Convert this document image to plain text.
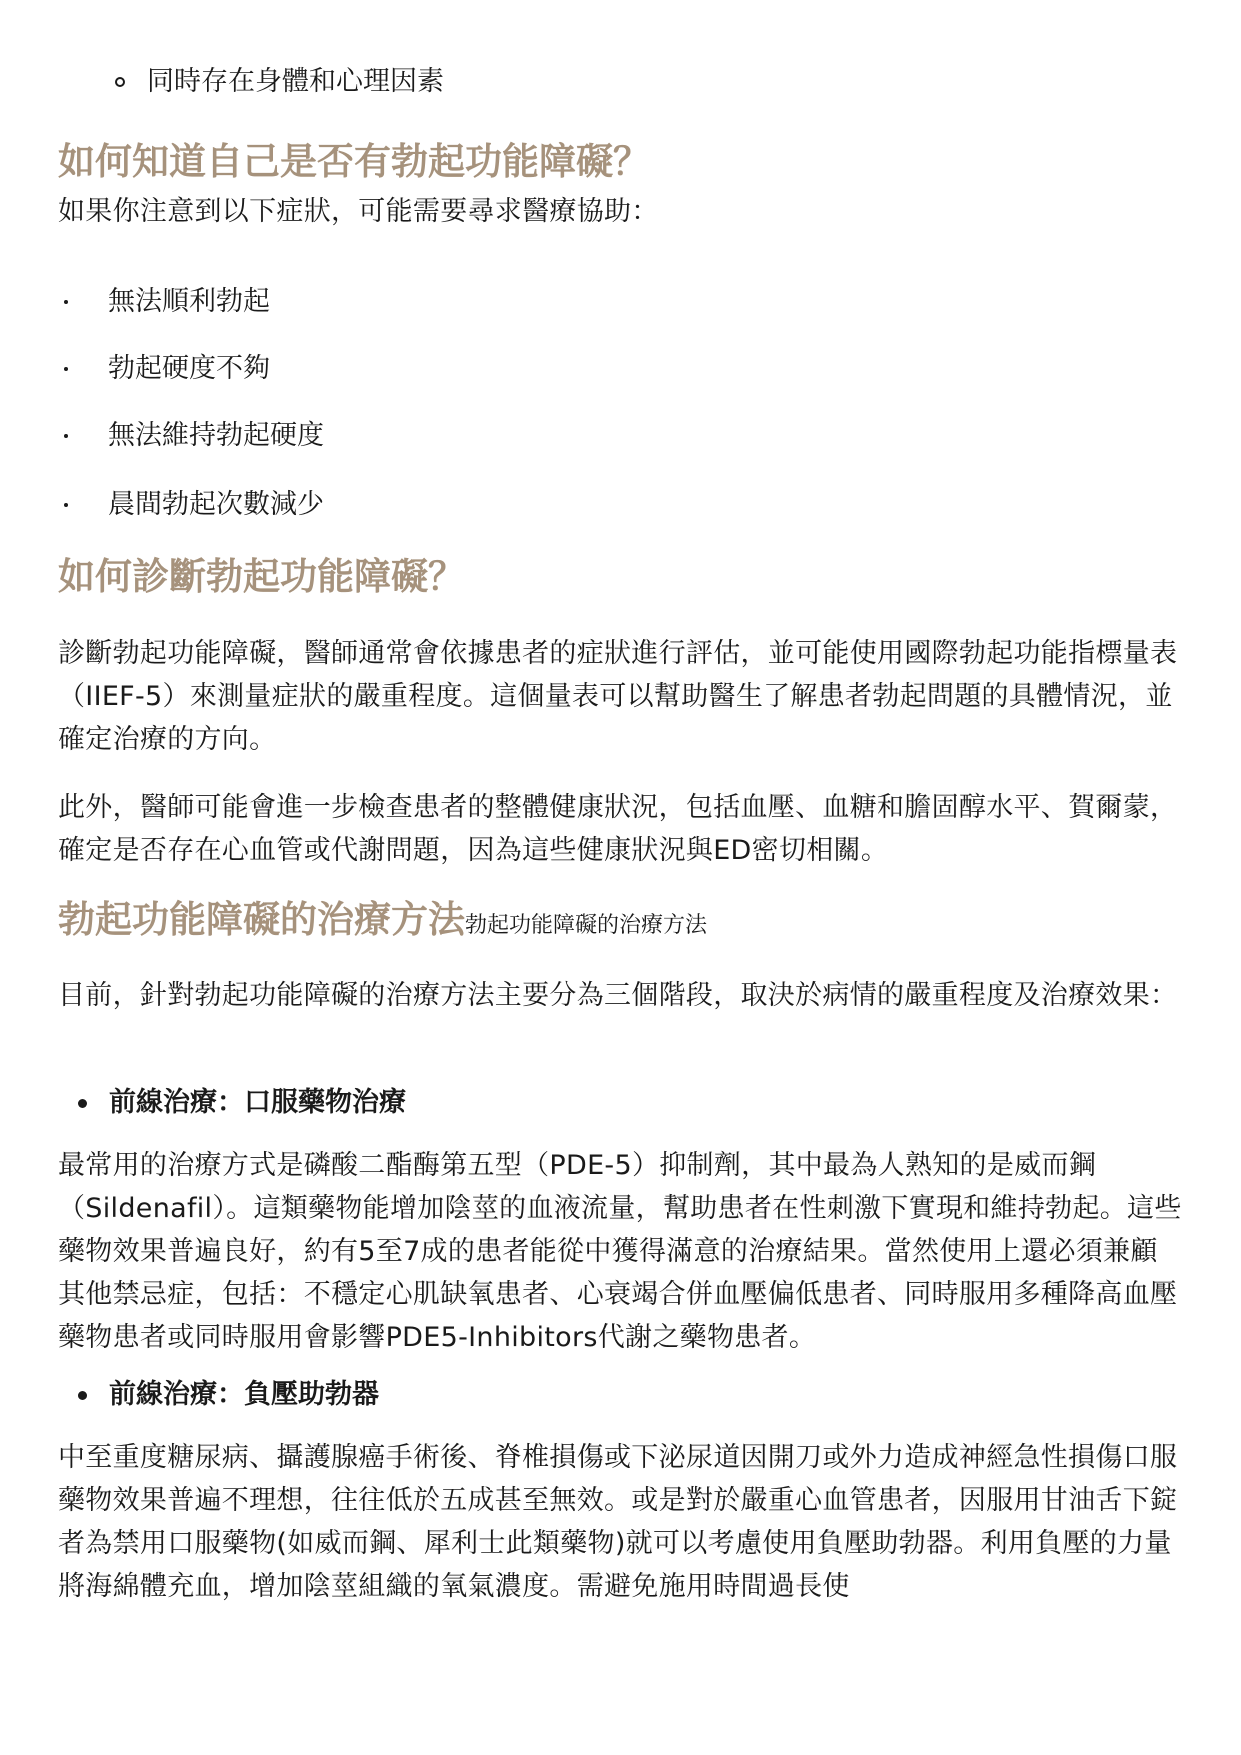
同時存在身體和心理因素
如何知道自己是否有勃起功能障礙？
如果你注意到以下症狀，可能需要尋求醫療協助：
無法順利勃起
勃起硬度不夠
無法維持勃起硬度
晨間勃起次數減少
如何診斷勃起功能障礙？
診斷勃起功能障礙，醫師通常會依據患者的症狀進行評估，並可能使用國際勃起功能指標量表（IIEF-5）來測量症狀的嚴重程度。這個量表可以幫助醫生了解患者勃起問題的具體情況，並確定治療的方向。
此外，醫師可能會進一步檢查患者的整體健康狀況，包括血壓、血糖和膽固醇水平、賀爾蒙，確定是否存在心血管或代謝問題，因為這些健康狀況與ED密切相關。
勃起功能障礙的治療方法勃起功能障礙的治療方法
目前，針對勃起功能障礙的治療方法主要分為三個階段，取決於病情的嚴重程度及治療效果：
前線治療：口服藥物治療
最常用的治療方式是磷酸二酯酶第五型（PDE-5）抑制劑，其中最為人熟知的是威而鋼（Sildenafil）。這類藥物能增加陰莖的血液流量，幫助患者在性刺激下實現和維持勃起。這些藥物效果普遍良好，約有5至7成的患者能從中獲得滿意的治療結果。當然使用上還必須兼顧其他禁忌症，包括：不穩定心肌缺氧患者、心衰竭合併血壓偏低患者、同時服用多種降高血壓藥物患者或同時服用會影響PDE5-Inhibitors代謝之藥物患者。
前線治療：負壓助勃器
中至重度糖尿病、攝護腺癌手術後、脊椎損傷或下泌尿道因開刀或外力造成神經急性損傷口服藥物效果普遍不理想，往往低於五成甚至無效。或是對於嚴重心血管患者，因服用甘油舌下錠者為禁用口服藥物(如威而鋼、犀利士此類藥物)就可以考慮使用負壓助勃器。利用負壓的力量將海綿體充血，增加陰莖組織的氧氣濃度。需避免施用時間過長使
